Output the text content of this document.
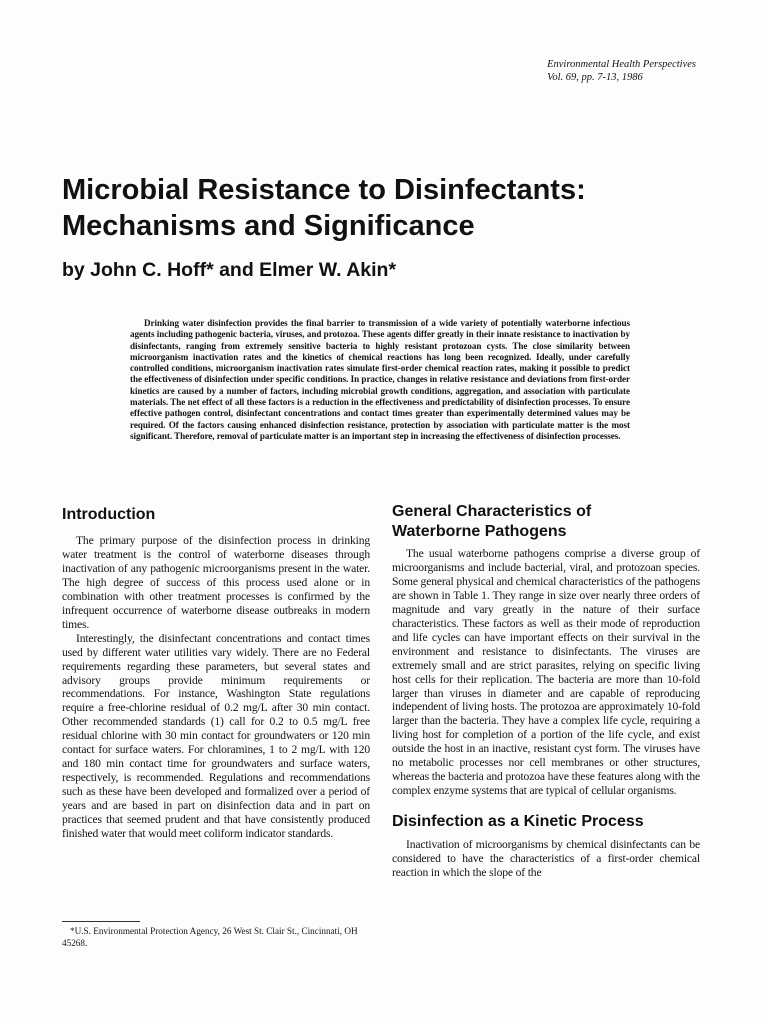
Environmental Health Perspectives
Vol. 69, pp. 7-13, 1986
Microbial Resistance to Disinfectants:
Mechanisms and Significance

by John C. Hoff* and Elmer W. Akin*

Drinking water disinfection provides the final barrier to transmission of a wide variety of potentially waterborne infectious agents including pathogenic bacteria, viruses, and protozoa. These agents differ greatly in their innate resistance to inactivation by disinfectants, ranging from extremely sensitive bacteria to highly resistant protozoan cysts. The close similarity between microorganism inactivation rates and the kinetics of chemical reactions has long been recognized. Ideally, under carefully controlled conditions, microorganism inactivation rates simulate first-order chemical reaction rates, making it possible to predict the effectiveness of disinfection under specific conditions. In practice, changes in relative resistance and deviations from first-order kinetics are caused by a number of factors, including microbial growth conditions, aggregation, and association with particulate materials. The net effect of all these factors is a reduction in the effectiveness and predictability of disinfection processes. To ensure effective pathogen control, disinfectant concentrations and contact times greater than experimentally determined values may be required. Of the factors causing enhanced disinfection resistance, protection by association with particulate matter is the most significant. Therefore, removal of particulate matter is an important step in increasing the effectiveness of disinfection processes.

Introduction

The primary purpose of the disinfection process in drinking water treatment is the control of waterborne diseases through inactivation of any pathogenic microorganisms present in the water. The high degree of success of this process used alone or in combination with other treatment processes is confirmed by the infrequent occurrence of waterborne disease outbreaks in modern times.

Interestingly, the disinfectant concentrations and contact times used by different water utilities vary widely. There are no Federal requirements regarding these parameters, but several states and advisory groups provide minimum requirements or recommendations. For instance, Washington State regulations require a free-chlorine residual of 0.2 mg/L after 30 min contact. Other recommended standards (1) call for 0.2 to 0.5 mg/L free residual chlorine with 30 min contact for groundwaters or 120 min contact for surface waters. For chloramines, 1 to 2 mg/L with 120 and 180 min contact time for groundwaters and surface waters, respectively, is recommended. Regulations and recommendations such as these have been developed and formalized over a period of years and are based in part on disinfection data and in part on practices that seemed prudent and that have consistently produced finished water that would meet coliform indicator standards.

General Characteristics of
Waterborne Pathogens

The usual waterborne pathogens comprise a diverse group of microorganisms and include bacterial, viral, and protozoan species. Some general physical and chemical characteristics of the pathogens are shown in Table 1. They range in size over nearly three orders of magnitude and vary greatly in the nature of their surface characteristics. These factors as well as their mode of reproduction and life cycles can have important effects on their survival in the environment and resistance to disinfectants. The viruses are extremely small and are strict parasites, relying on specific living host cells for their replication. The bacteria are more than 10-fold larger than viruses in diameter and are capable of reproducing independent of living hosts. The protozoa are approximately 10-fold larger than the bacteria. They have a complex life cycle, requiring a living host for completion of a portion of the life cycle, and exist outside the host in an inactive, resistant cyst form. The viruses have no metabolic processes nor cell membranes or other structures, whereas the bacteria and protozoa have these features along with the complex enzyme systems that are typical of cellular organisms.

Disinfection as a Kinetic Process

Inactivation of microorganisms by chemical disinfectants can be considered to have the characteristics of a first-order chemical reaction in which the slope of the

*U.S. Environmental Protection Agency, 26 West St. Clair St., Cincinnati, OH 45268.
